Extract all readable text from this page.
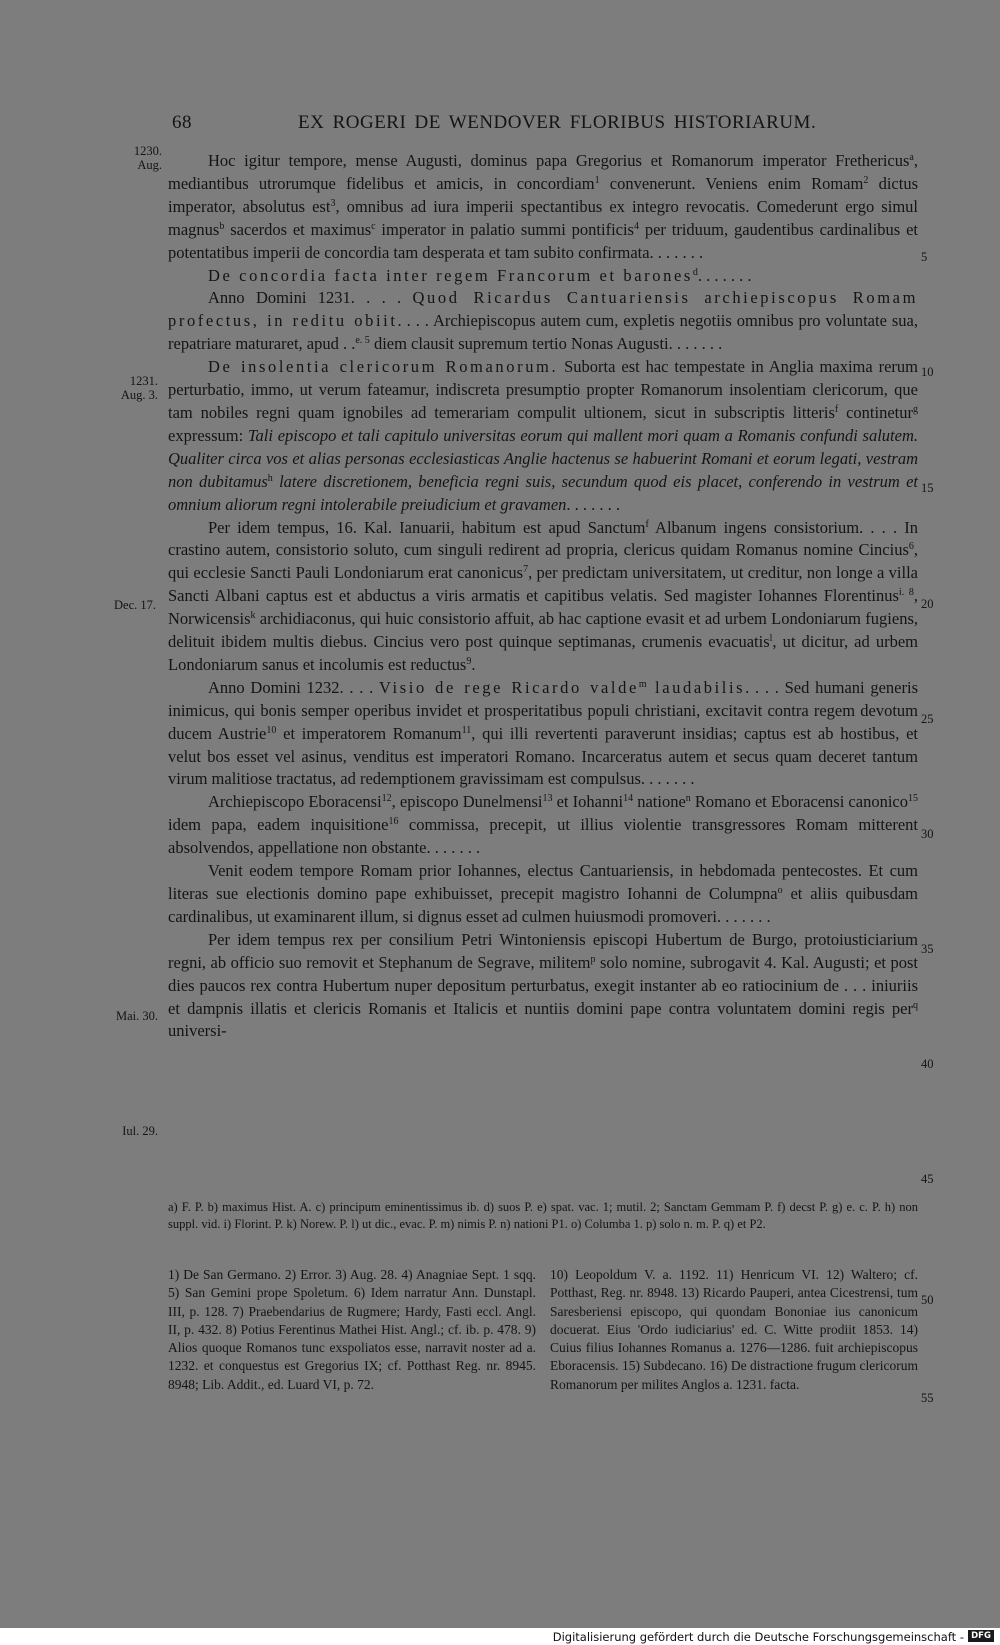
68	EX ROGERI DE WENDOVER FLORIBUS HISTORIARUM.
1230.
Aug.
1231.
Aug. 3.
Dec. 17.
Mai. 30.
Iul. 29.
5
10
15
20
25
30
35
40
45
50
55

Hoc igitur tempore, mense Augusti, dominus papa Gregorius et Romanorum imperator Frethericus$^a$, mediantibus utrorumque fidelibus et amicis, in concordiam$^1$ convenerunt. Veniens enim Romam$^2$ dictus imperator, absolutus est$^3$, omnibus ad iura imperii spectantibus ex integro revocatis. Comederunt ergo simul magnus$^b$ sacerdos et maximus$^c$ imperator in palatio summi pontificis$^4$ per triduum, gaudentibus cardinalibus et potentatibus imperii de concordia tam desperata et tam subito confirmata. . . . . . .

De concordia facta inter regem Francorum et barones$^d$. . . . . . .

Anno Domini 1231. . . . Quod Ricardus Cantuariensis archiepiscopus Romam profectus, in reditu obiit. . . . Archiepiscopus autem cum, expletis negotiis omnibus pro voluntate sua, repatriare maturaret, apud . .$^{e. 5}$ diem clausit supremum tertio Nonas Augusti. . . . . . .

De insolentia clericorum Romanorum. Suborta est hac tempestate in Anglia maxima rerum perturbatio, immo, ut verum fateamur, indiscreta presumptio propter Romanorum insolentiam clericorum, que tam nobiles regni quam ignobiles ad temerariam compulit ultionem, sicut in subscriptis litteris$^f$ continetur$^g$ expressum: Tali episcopo et tali capitulo universitas eorum qui mallent mori quam a Romanis confundi salutem. Qualiter circa vos et alias personas ecclesiasticas Anglie hactenus se habuerint Romani et eorum legati, vestram non dubitamus$^h$ latere discretionem, beneficia regni suis, secundum quod eis placet, conferendo in vestrum et omnium aliorum regni intolerabile preiudicium et gravamen. . . . . . .

Per idem tempus, 16. Kal. Ianuarii, habitum est apud Sanctum$^f$ Albanum ingens consistorium. . . . In crastino autem, consistorio soluto, cum singuli redirent ad propria, clericus quidam Romanus nomine Cincius$^6$, qui ecclesie Sancti Pauli Londoniarum erat canonicus$^7$, per predictam universitatem, ut creditur, non longe a villa Sancti Albani captus est et abductus a viris armatis et capitibus velatis. Sed magister Iohannes Florentinus$^{i. 8}$, Norwicensis$^k$ archidiaconus, qui huic consistorio affuit, ab hac captione evasit et ad urbem Londoniarum fugiens, delituit ibidem multis diebus. Cincius vero post quinque septimanas, crumenis evacuatis$^l$, ut dicitur, ad urbem Londoniarum sanus et incolumis est reductus$^9$.

Anno Domini 1232. . . . Visio de rege Ricardo valde$^m$ laudabilis. . . . Sed humani generis inimicus, qui bonis semper operibus invidet et prosperitatibus populi christiani, excitavit contra regem devotum ducem Austrie$^{10}$ et imperatorem Romanum$^{11}$, qui illi revertenti paraverunt insidias; captus est ab hostibus, et velut bos esset vel asinus, venditus est imperatori Romano. Incarceratus autem et secus quam deceret tantum virum malitiose tractatus, ad redemptionem gravissimam est compulsus. . . . . . .

Archiepiscopo Eboracensi$^{12}$, episcopo Dunelmensi$^{13}$ et Iohanni$^{14}$ natione$^n$ Romano et Eboracensi canonico$^{15}$ idem papa, eadem inquisitione$^{16}$ commissa, precepit, ut illius violentie transgressores Romam mitterent absolvendos, appellatione non obstante. . . . . . .

Venit eodem tempore Romam prior Iohannes, electus Cantuariensis, in hebdomada pentecostes. Et cum literas sue electionis domino pape exhibuisset, precepit magistro Iohanni de Columpna$^o$ et aliis quibusdam cardinalibus, ut examinarent illum, si dignus esset ad culmen huiusmodi promoveri. . . . . . .

Per idem tempus rex per consilium Petri Wintoniensis episcopi Hubertum de Burgo, protoiusticiarium regni, ab officio suo removit et Stephanum de Segrave, militem$^p$ solo nomine, subrogavit 4. Kal. Augusti; et post dies paucos rex contra Hubertum nuper depositum perturbatus, exegit instanter ab eo ratiocinium de . . . iniuriis et dampnis illatis et clericis Romanis et Italicis et nuntiis domini pape contra voluntatem domini regis per$^q$ universi-

a) F. P. b) maximus Hist. A. c) principum eminentissimus ib. d) suos P. e) spat. vac. 1; mutil. 2; Sanctam Gemmam P. f) decst P. g) e. c. P. h) non suppl. vid. i) Florint. P. k) Norew. P. l) ut dic., evac. P. m) nimis P. n) nationi P1. o) Columba 1. p) solo n. m. P. q) et P2.
1) De San Germano. 2) Error. 3) Aug. 28. 4) Anagniae Sept. 1 sqq. 5) San Gemini prope Spoletum. 6) Idem narratur Ann. Dunstapl. III, p. 128. 7) Praebendarius de Rugmere; Hardy, Fasti eccl. Angl. II, p. 432. 8) Potius Ferentinus Mathei Hist. Angl.; cf. ib. p. 478. 9) Alios quoque Romanos tunc exspoliatos esse, narravit noster ad a. 1232. et conquestus est Gregorius IX; cf. Potthast Reg. nr. 8945. 8948; Lib. Addit., ed. Luard VI, p. 72.
10) Leopoldum V. a. 1192. 11) Henricum VI. 12) Waltero; cf. Potthast, Reg. nr. 8948. 13) Ricardo Pauperi, antea Cicestrensi, tum Saresberiensi episcopo, qui quondam Bononiae ius canonicum docuerat. Eius 'Ordo iudiciarius' ed. C. Witte prodiit 1853. 14) Cuius filius Iohannes Romanus a. 1276—1286. fuit archiepiscopus Eboracensis. 15) Subdecano. 16) De distractione frugum clericorum Romanorum per milites Anglos a. 1231. facta.
Digitalisierung gefördert durch die Deutsche Forschungsgemeinschaft - DFG
